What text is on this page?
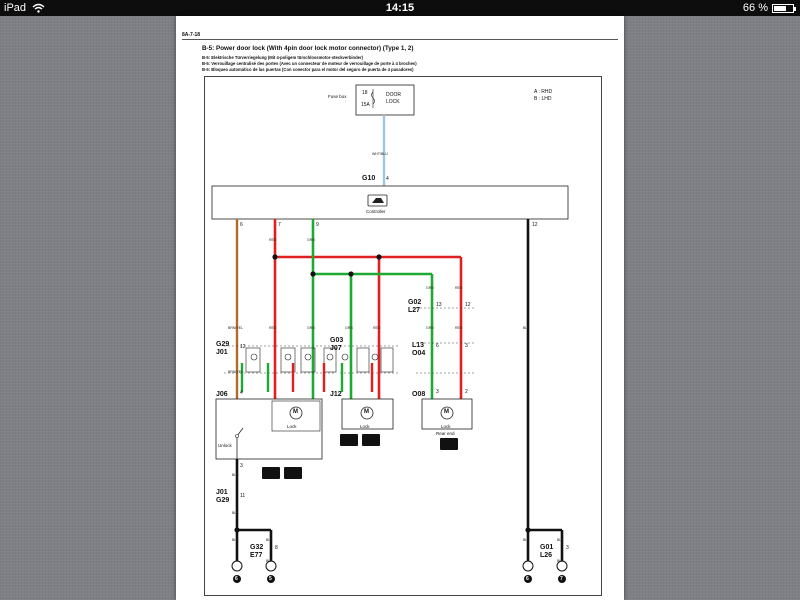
iPad	14:15	66 %
8A-7-18
B-5: Power door lock (With 4pin door lock motor connector) (Type 1, 2)
B-5: Elektrische Türverriegelung (Mit 4-poligem türschlossmotor-steckverbinder)
B-5: Verrouillage centralisé des portes (Avec un connecteur de moteur de verrouillage de porte à 4 broches)
B-5: Bloqueo automático de las puertas (Con conector para el motor del seguro de puerta de 4 pasadores)
Fuse box
18
15A
DOOR
LOCK
A : RHD
B : LHD
WHT/BLU
G10 4
Controller
6	7	9	12
RED	GRN
GRN	RED
BRN/YEL	RED	GRN	GRN	RED	GRN	RED	BLK
BRN/YEL
G02
L27
13	12
G29
J01
12
4
J06
G03
J07
J12
L13
O04
6	3
O08 3	2
M	M	M
Lock	Lock	Lock
Rear end
Unlock
BLK
3
11
J01
G29
BLK
BLK	BLK
G32
E77
8
BLK
BLK	BLK
G01
L26
3
BLK
6	5	6	7
